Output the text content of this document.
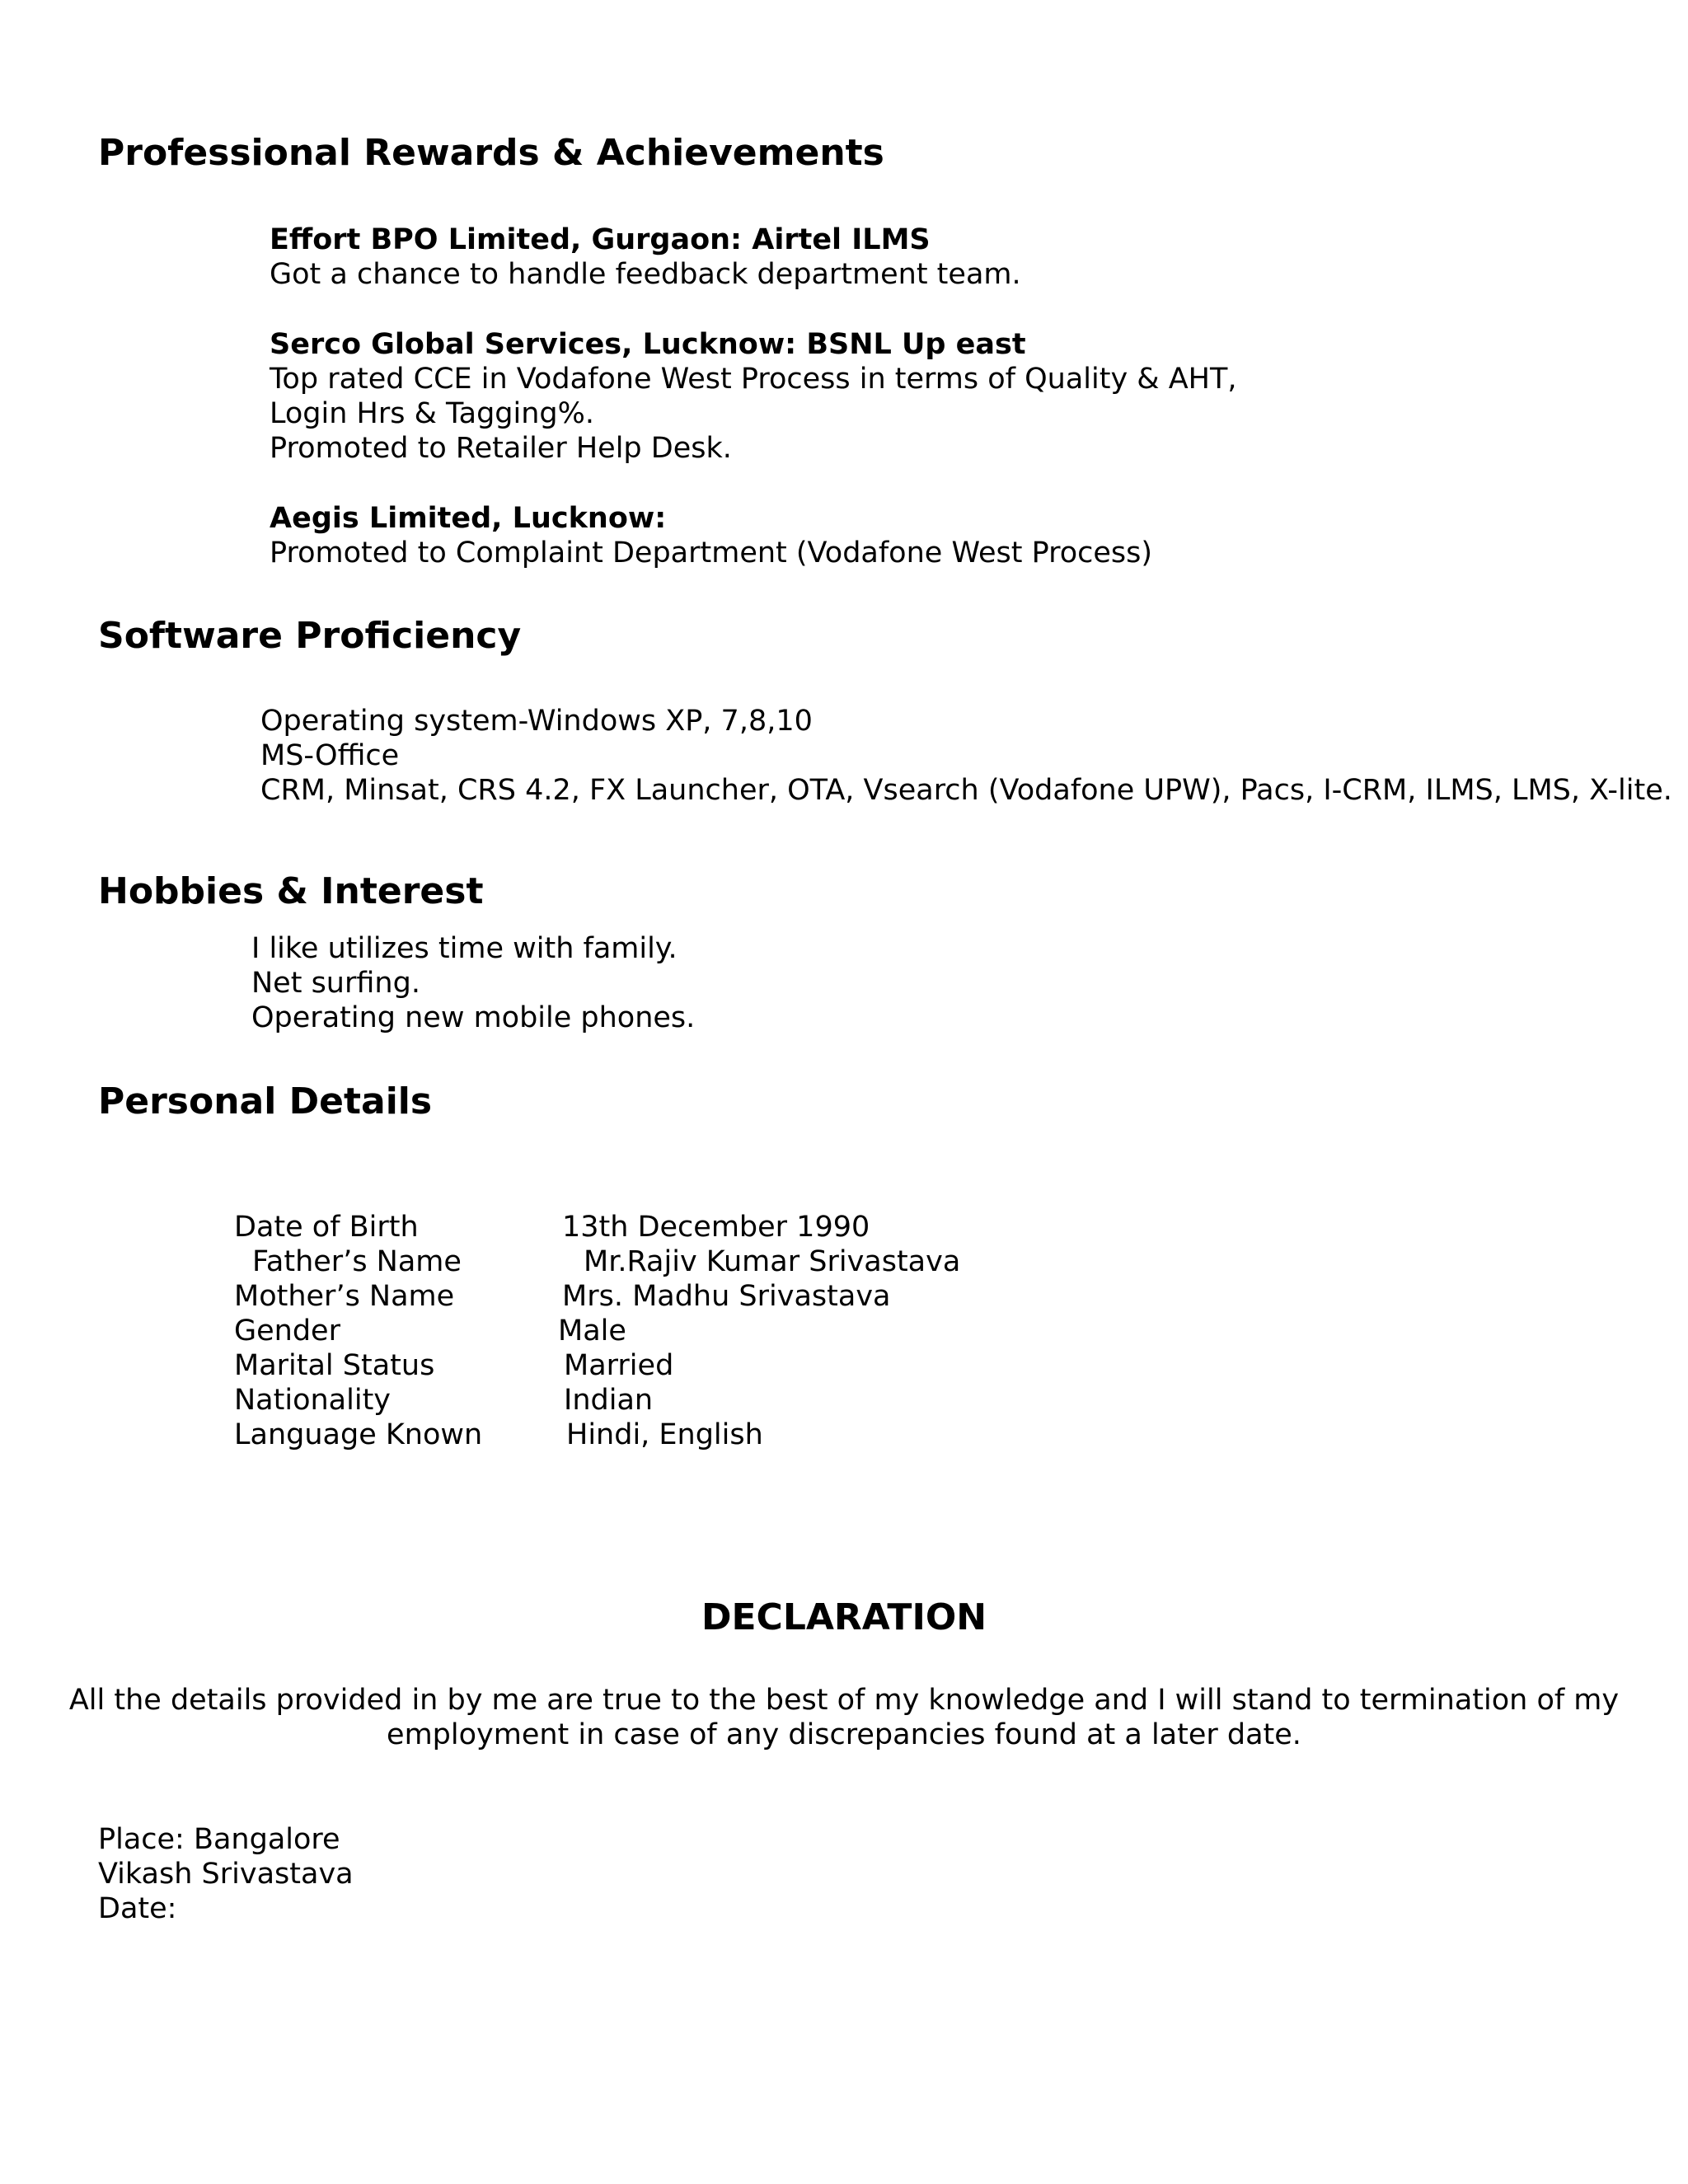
Professional Rewards & Achievements
Effort BPO Limited, Gurgaon: Airtel ILMS
Got a chance to handle feedback department team.
Serco Global Services, Lucknow: BSNL Up east
Top rated CCE in Vodafone West Process in terms of Quality & AHT,
Login Hrs & Tagging%.
Promoted to Retailer Help Desk.
Aegis Limited, Lucknow:
Promoted to Complaint Department (Vodafone West Process)
Software Proficiency
Operating system-Windows XP, 7,8,10
MS-Office
CRM, Minsat, CRS 4.2, FX Launcher, OTA, Vsearch (Vodafone UPW), Pacs, I-CRM, ILMS, LMS, X-lite.
Hobbies & Interest
I like utilizes time with family.
Net surfing.
Operating new mobile phones.
Personal Details
Date of Birth	13th December 1990
Father’s Name	Mr.Rajiv Kumar Srivastava
Mother’s Name	Mrs. Madhu Srivastava
Gender	Male
Marital Status	Married
Nationality	Indian
Language Known	Hindi, English
DECLARATION
All the details provided in by me are true to the best of my knowledge and I will stand to termination of my
employment in case of any discrepancies found at a later date.
Place: Bangalore
Vikash Srivastava
Date:
